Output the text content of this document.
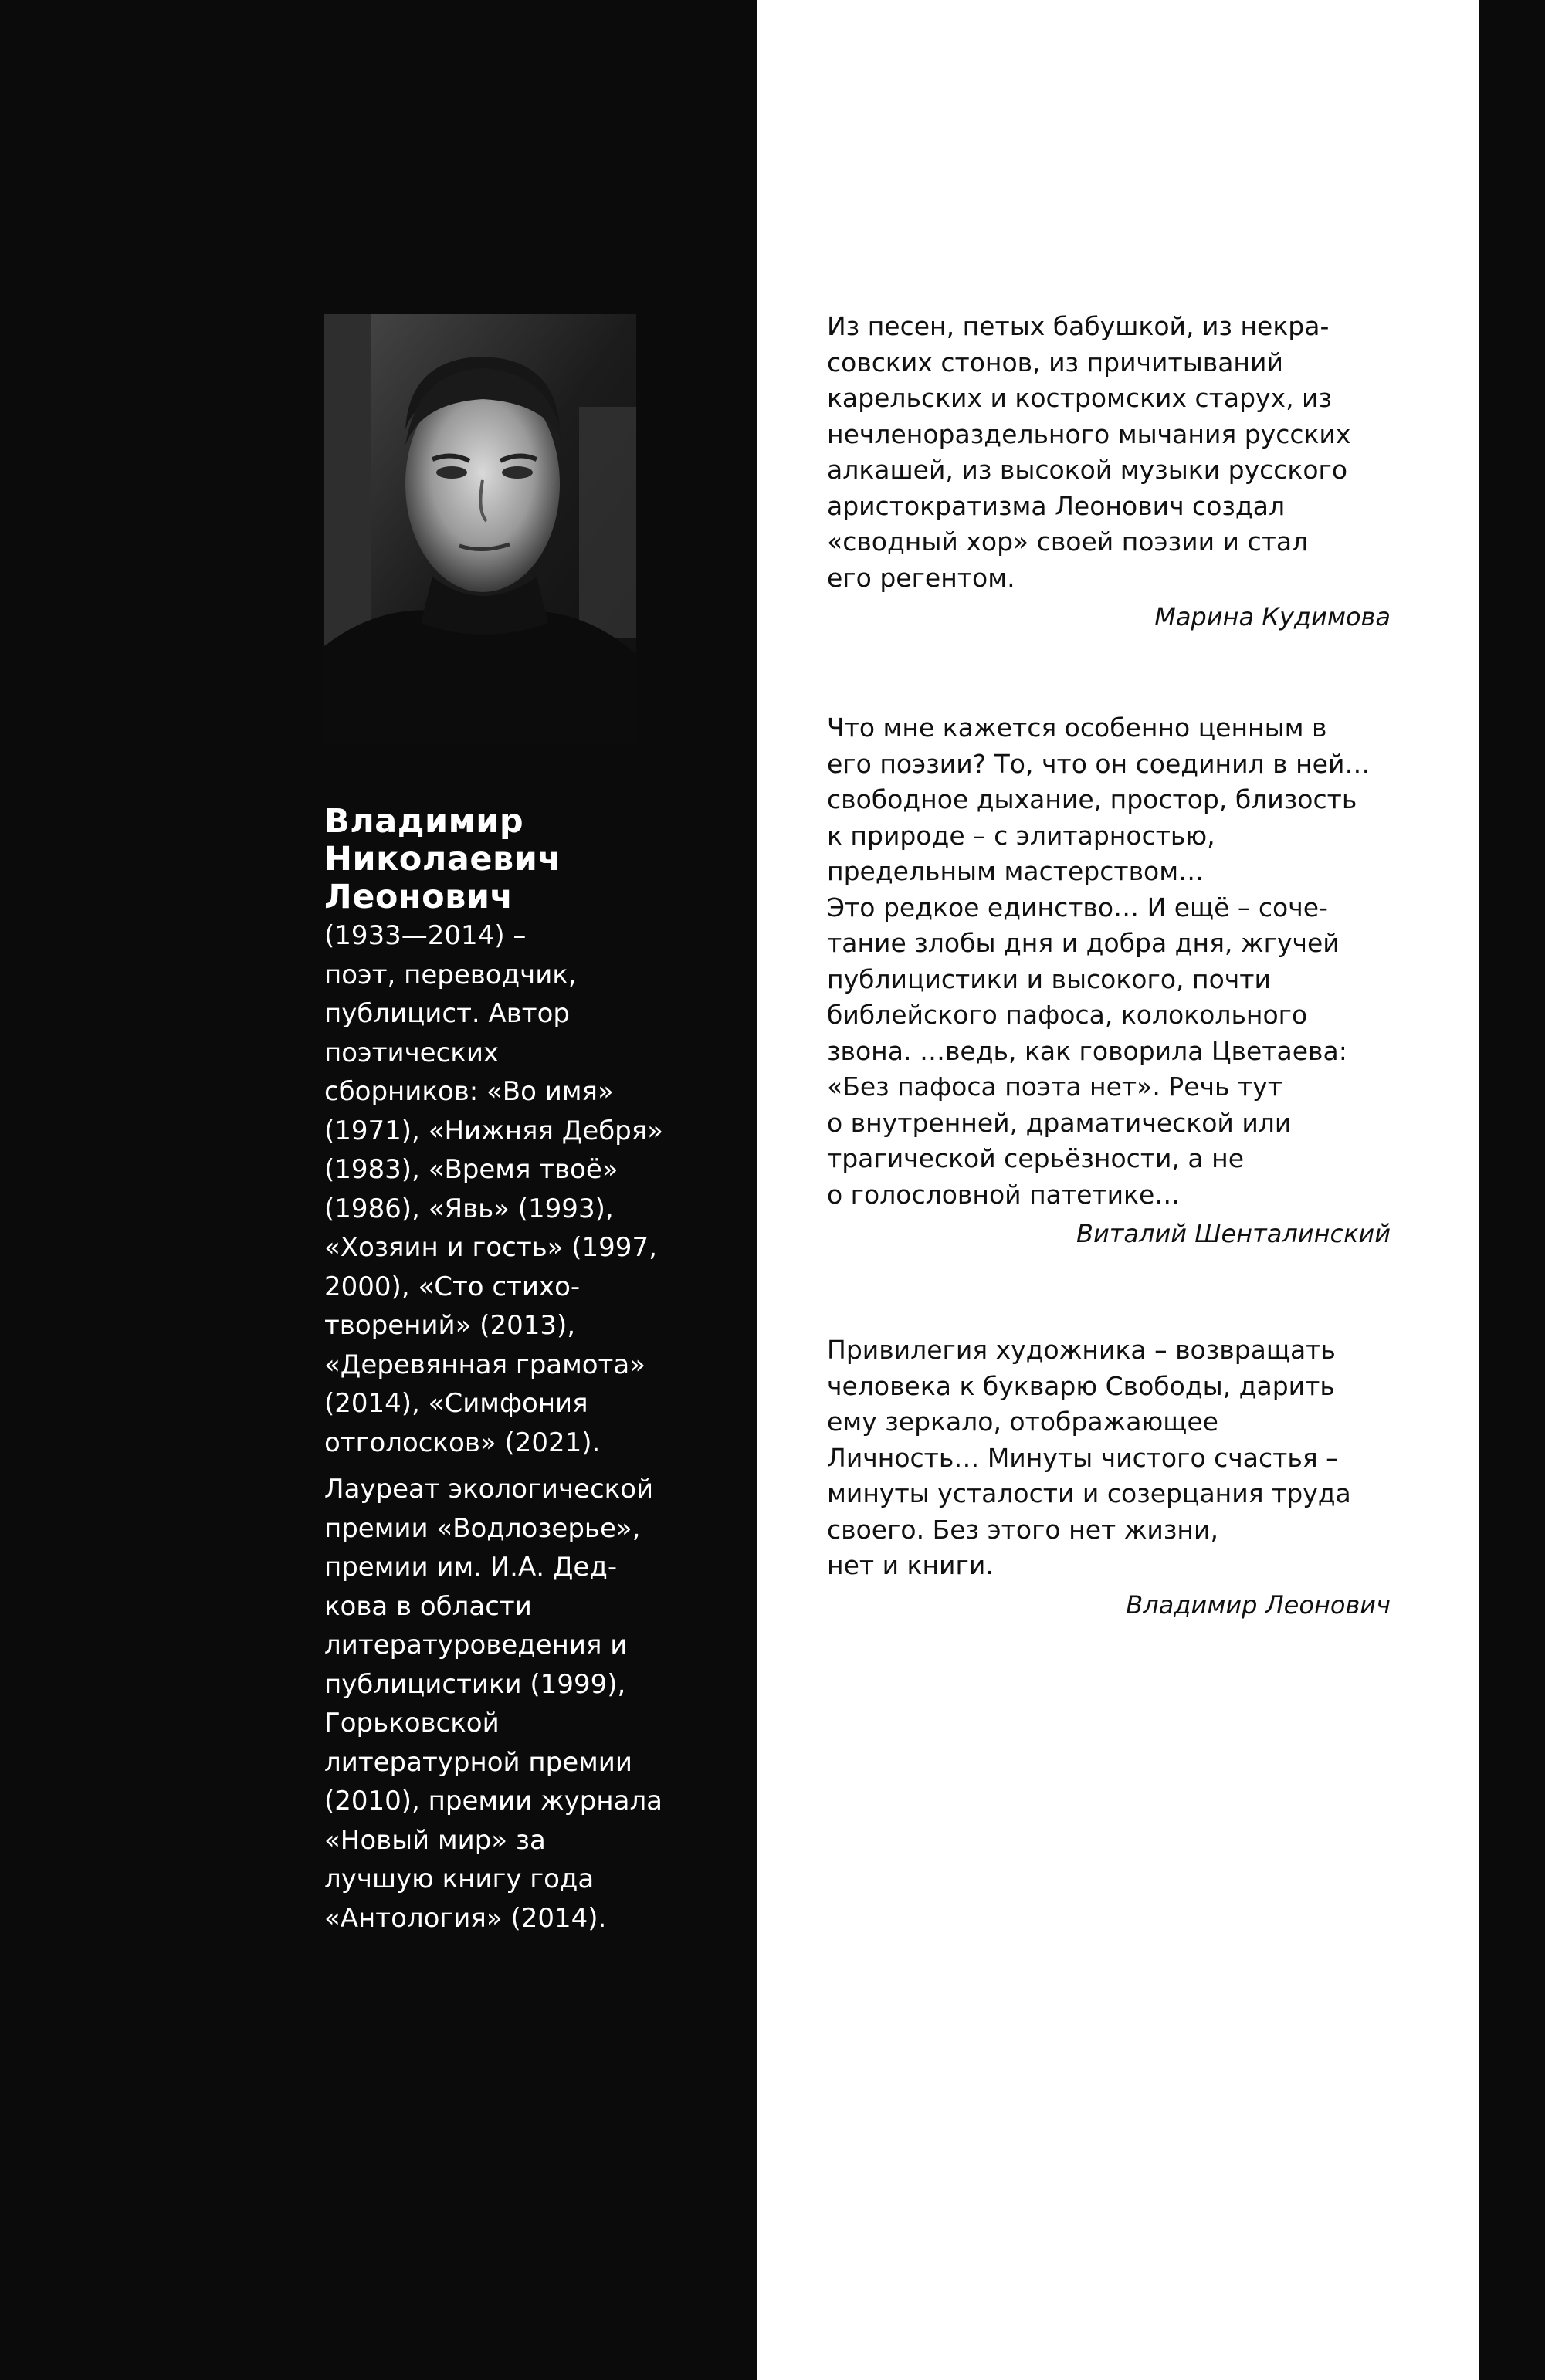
Владимир
Николаевич
Леонович

(1933—2014) –
поэт, переводчик,
публицист. Автор
поэтических
сборников: «Во имя»
(1971), «Нижняя Дебря»
(1983), «Время твоё»
(1986), «Явь» (1993),
«Хозяин и гость» (1997,
2000), «Сто стихо-
творений» (2013),
«Деревянная грамота»
(2014), «Симфония
отголосков» (2021).

Лауреат экологической
премии «Водлозерье»,
премии им. И.А. Дед-
кова в области
литературоведения и
публицистики (1999),
Горьковской
литературной премии
(2010), премии журнала
«Новый мир» за
лучшую книгу года
«Антология» (2014).

Из песен, петых бабушкой, из некра-
совских стонов, из причитываний
карельских и костромских старух, из
нечленораздельного мычания русских
алкашей, из высокой музыки русского
аристократизма Леонович создал
«сводный хор» своей поэзии и стал
его регентом.

Марина Кудимова

Что мне кажется особенно ценным в
его поэзии? То, что он соединил в ней…
свободное дыхание, простор, близость
к природе – с элитарностью,
предельным мастерством…
Это редкое единство… И ещё – соче-
тание злобы дня и добра дня, жгучей
публицистики и высокого, почти
библейского пафоса, колокольного
звона. …ведь, как говорила Цветаева:
«Без пафоса поэта нет». Речь тут
о внутренней, драматической или
трагической серьёзности, а не
о голословной патетике…

Виталий Шенталинский

Привилегия художника – возвращать
человека к букварю Свободы, дарить
ему зеркало, отображающее
Личность… Минуты чистого счастья –
минуты усталости и созерцания труда
своего. Без этого нет жизни,
нет и книги.

Владимир Леонович
